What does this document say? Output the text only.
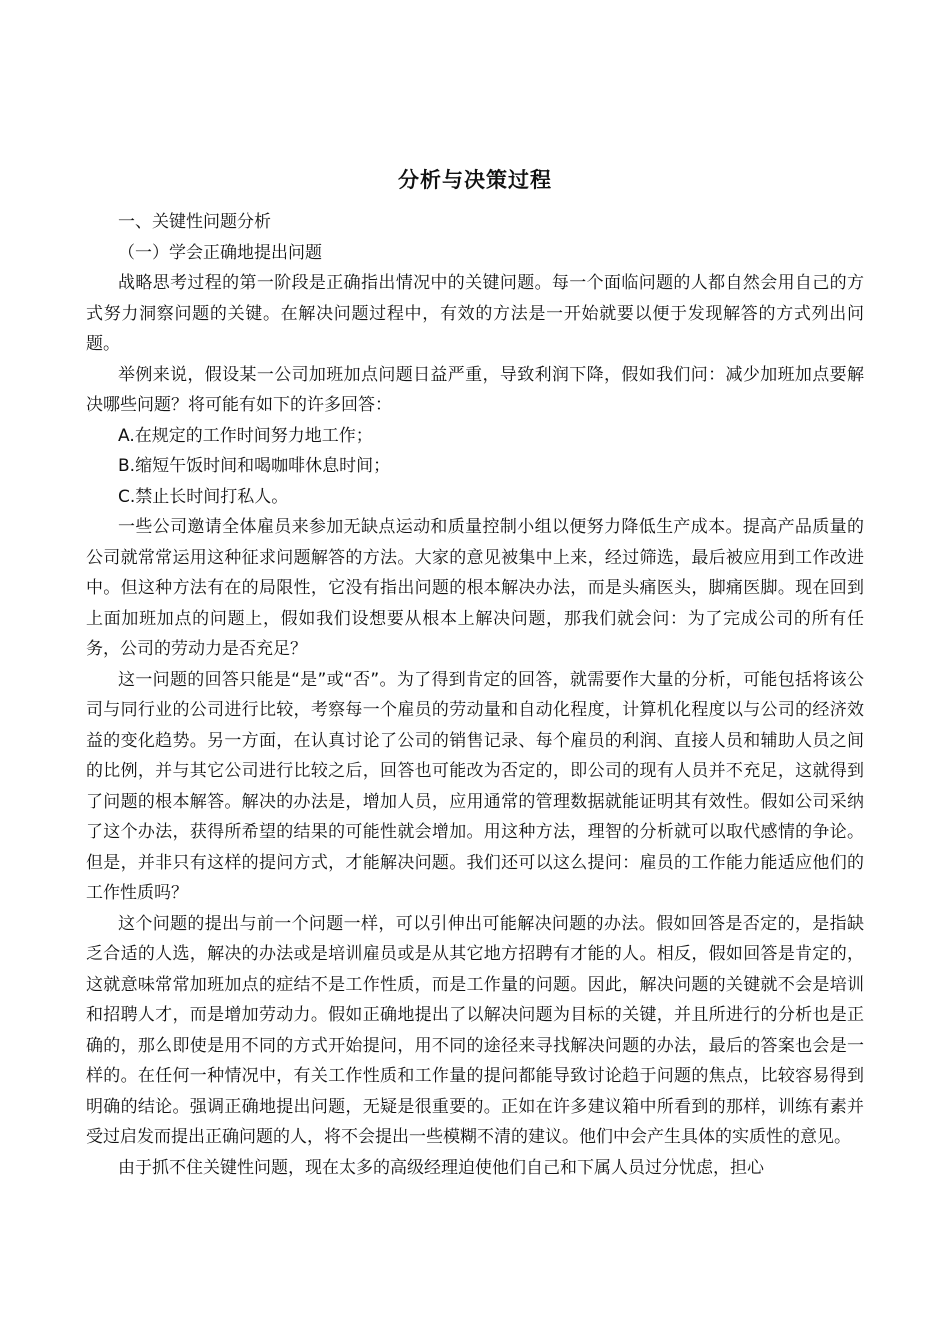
分析与决策过程
一、关键性问题分析
（一）学会正确地提出问题

战略思考过程的第一阶段是正确指出情况中的关键问题。每一个面临问题的人都自然会用自己的方式努力洞察问题的关键。在解决问题过程中，有效的方法是一开始就要以便于发现解答的方式列出问题。

举例来说，假设某一公司加班加点问题日益严重，导致利润下降，假如我们问：减少加班加点要解决哪些问题？将可能有如下的许多回答：

A.在规定的工作时间努力地工作；
B.缩短午饭时间和喝咖啡休息时间；
C.禁止长时间打私人。

一些公司邀请全体雇员来参加无缺点运动和质量控制小组以便努力降低生产成本。提高产品质量的公司就常常运用这种征求问题解答的方法。大家的意见被集中上来，经过筛选，最后被应用到工作改进中。但这种方法有在的局限性，它没有指出问题的根本解决办法，而是头痛医头，脚痛医脚。现在回到上面加班加点的问题上，假如我们设想要从根本上解决问题，那我们就会问：为了完成公司的所有任务，公司的劳动力是否充足？

这一问题的回答只能是“是”或“否”。为了得到肯定的回答，就需要作大量的分析，可能包括将该公司与同行业的公司进行比较，考察每一个雇员的劳动量和自动化程度，计算机化程度以与公司的经济效益的变化趋势。另一方面，在认真讨论了公司的销售记录、每个雇员的利润、直接人员和辅助人员之间的比例，并与其它公司进行比较之后，回答也可能改为否定的，即公司的现有人员并不充足，这就得到了问题的根本解答。解决的办法是，增加人员，应用通常的管理数据就能证明其有效性。假如公司采纳了这个办法，获得所希望的结果的可能性就会增加。用这种方法，理智的分析就可以取代感情的争论。但是，并非只有这样的提问方式，才能解决问题。我们还可以这么提问：雇员的工作能力能适应他们的工作性质吗？

这个问题的提出与前一个问题一样，可以引伸出可能解决问题的办法。假如回答是否定的，是指缺乏合适的人选，解决的办法或是培训雇员或是从其它地方招聘有才能的人。相反，假如回答是肯定的，这就意味常常加班加点的症结不是工作性质，而是工作量的问题。因此，解决问题的关键就不会是培训和招聘人才，而是增加劳动力。假如正确地提出了以解决问题为目标的关键，并且所进行的分析也是正确的，那么即使是用不同的方式开始提问，用不同的途径来寻找解决问题的办法，最后的答案也会是一样的。在任何一种情况中，有关工作性质和工作量的提问都能导致讨论趋于问题的焦点，比较容易得到明确的结论。强调正确地提出问题，无疑是很重要的。正如在许多建议箱中所看到的那样，训练有素并受过启发而提出正确问题的人，将不会提出一些模糊不清的建议。他们中会产生具体的实质性的意见。

由于抓不住关键性问题，现在太多的高级经理迫使他们自己和下属人员过分忧虑，担心
